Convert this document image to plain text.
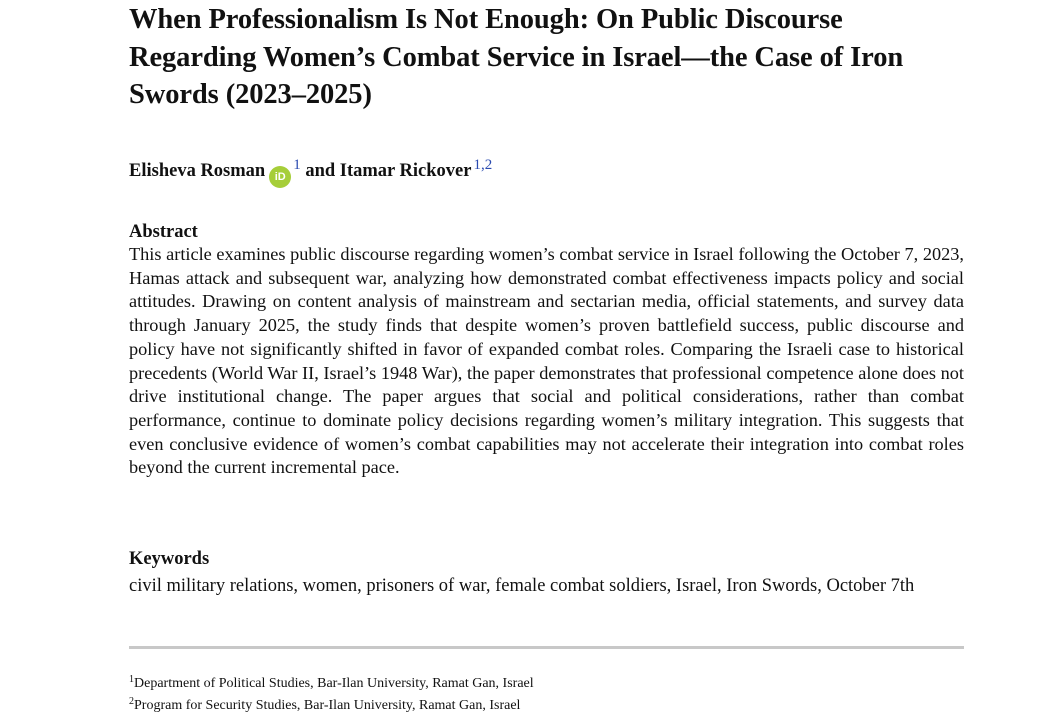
When Professionalism Is Not Enough: On Public Discourse Regarding Women’s Combat Service in Israel—the Case of Iron Swords (2023–2025)
Elisheva Rosman iD$^1$ and Itamar Rickover $^{1,2}$
Abstract

This article examines public discourse regarding women’s combat service in Israel following the October 7, 2023, Hamas attack and subsequent war, analyzing how demonstrated combat effectiveness impacts policy and social attitudes. Drawing on content analysis of mainstream and sectarian media, official statements, and survey data through January 2025, the study finds that despite women’s proven battlefield success, public discourse and policy have not significantly shifted in favor of expanded combat roles. Comparing the Israeli case to historical precedents (World War II, Israel’s 1948 War), the paper demonstrates that professional competence alone does not drive institutional change. The paper argues that social and political considerations, rather than combat performance, continue to dominate policy decisions regarding women’s military integration. This suggests that even conclusive evidence of women’s combat capabilities may not accelerate their integration into combat roles beyond the current incremental pace.

Keywords

civil military relations, women, prisoners of war, female combat soldiers, Israel, Iron Swords, October 7th

$^1$Department of Political Studies, Bar-Ilan University, Ramat Gan, Israel
$^2$Program for Security Studies, Bar-Ilan University, Ramat Gan, Israel
